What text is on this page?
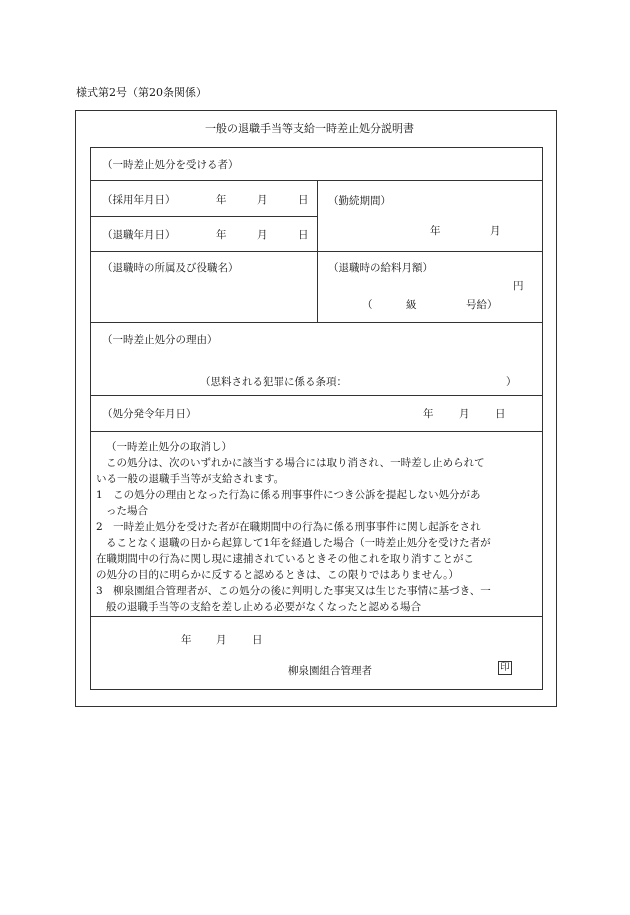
様式第2号（第20条関係）
一般の退職手当等支給一時差止処分説明書
（一時差止処分を受ける者）
（採用年月日）	年	月	日
（退職年月日）	年	月	日
（勤続期間）
年	月
（退職時の所属及び役職名）	（退職時の給料月額）
円
（	級	号給）
（一時差止処分の理由）
（思料される犯罪に係る条項：	）
（処分発令年月日）	年 月 日
（一時差止処分の取消し）
この処分は、次のいずれかに該当する場合には取り消され、一時差し止められて
いる一般の退職手当等が支給されます。
1　この処分の理由となった行為に係る刑事事件につき公訴を提起しない処分があ
った場合
2　一時差止処分を受けた者が在職期間中の行為に係る刑事事件に関し起訴をされ
ることなく退職の日から起算して1年を経過した場合（一時差止処分を受けた者が
在職期間中の行為に関し現に逮捕されているときその他これを取り消すことがこ
の処分の目的に明らかに反すると認めるときは、この限りではありません。）
3　柳泉園組合管理者が、この処分の後に判明した事実又は生じた事情に基づき、一
般の退職手当等の支給を差し止める必要がなくなったと認める場合
年 月 日
柳泉園組合管理者	印
